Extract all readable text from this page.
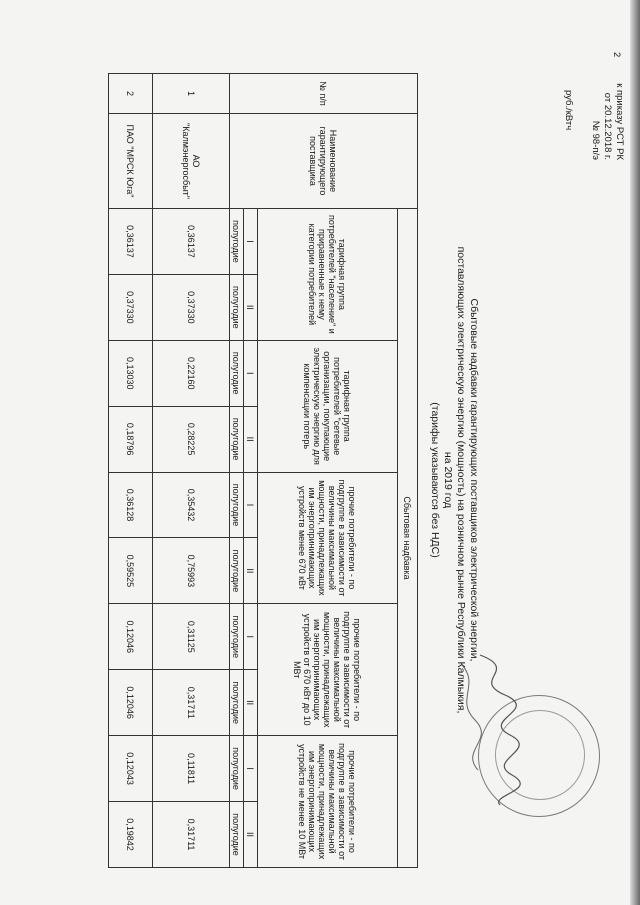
к приказу РСТ РК
от 20.12.2018 г.
№ 98-п/э
2
руб./кВтч
Сбытовые надбавки гарантирующих поставщиков электрической энергии,
поставляющих электрическую энергию (мощность) на розничном рынке Республики Калмыкия,
на 2019 год
(тарифы указываются без НДС)
№ п/п	Наименование гарантирующего поставщика	Сбытовая надбавка									
		тарифная группа потребителей "население" и приравненные к нему категории потребителей		тарифная группа потребителей "сетевые организации, покупающие электрическую энергию для компенсации потерь		прочие потребители - по подгруппе в зависимости от величины максимальной мощности, принадлежащих им энергопринимающих устройств менее 670 кВт		прочие потребители - по подгруппе в зависимости от величины максимальной мощности, принадлежащих им энергопринимающих устройств от 670 кВт до 10 МВт		прочие потребители - по подгруппе в зависимости от величины максимальной мощности, принадлежащих им энергопринимающих устройств не менее 10 МВт	
		I	II	I	II	I	II	I	II	I	II
		полугодие	полугодие	полугодие	полугодие	полугодие	полугодие	полугодие	полугодие	полугодие	полугодие
1	АО "Калмэнергосбыт"	0,36137	0,37330	0,22160	0,28225	0,35432	0,75993	0,31125	0,31711	0,11811	0,31711
2	ПАО "МРСК Юга"	0,36137	0,37330	0,13030	0,18796	0,36128	0,59525	0,12046	0,12046	0,12043	0,19842
